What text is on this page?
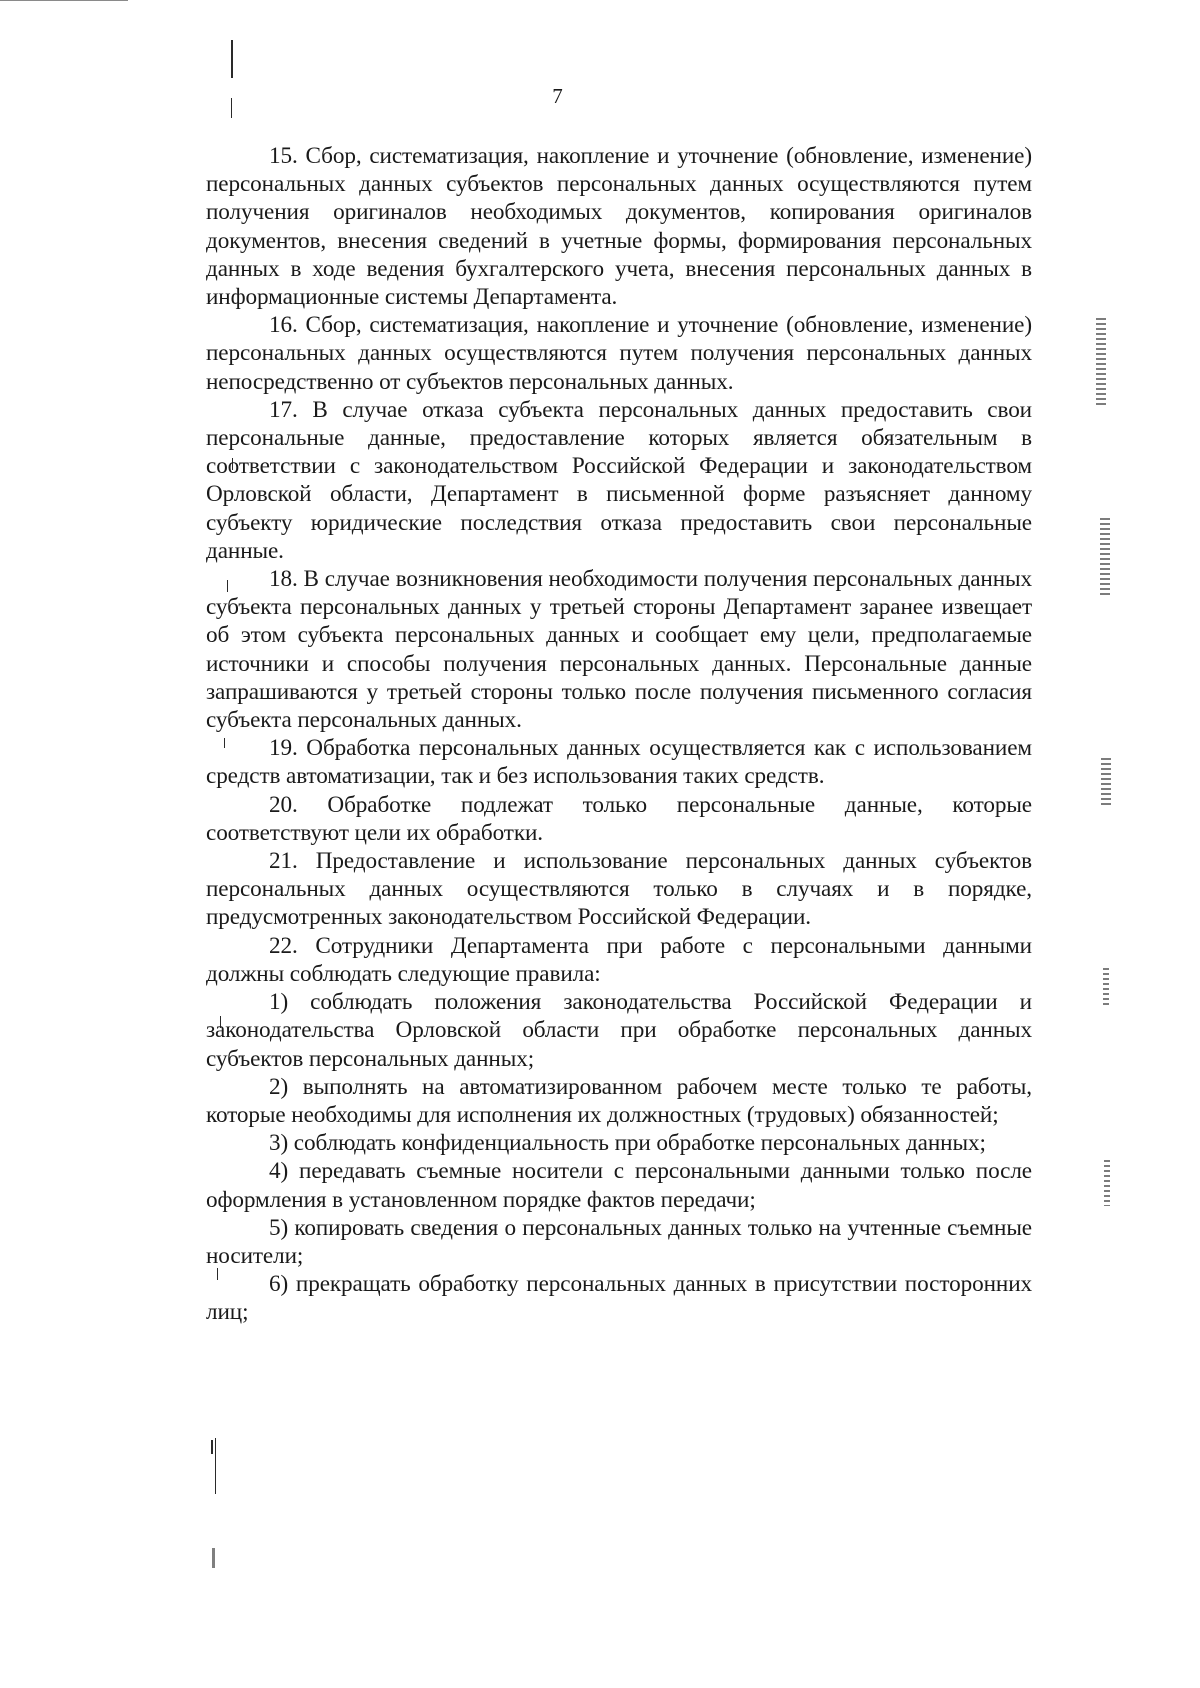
7

15. Сбор, систематизация, накопление и уточнение (обновление, изменение) персональных данных субъектов персональных данных осуществляются путем получения оригиналов необходимых документов, копирования оригиналов документов, внесения сведений в учетные формы, формирования персональных данных в ходе ведения бухгалтерского учета, внесения персональных данных в информационные системы Департамента.

16. Сбор, систематизация, накопление и уточнение (обновление, изменение) персональных данных осуществляются путем получения персональных данных непосредственно от субъектов персональных данных.

17. В случае отказа субъекта персональных данных предоставить свои персональные данные, предоставление которых является обязательным в соответствии с законодательством Российской Федерации и законодательством Орловской области, Департамент в письменной форме разъясняет данному субъекту юридические последствия отказа предоставить свои персональные данные.

18. В случае возникновения необходимости получения персональных данных субъекта персональных данных у третьей стороны Департамент заранее извещает об этом субъекта персональных данных и сообщает ему цели, предполагаемые источники и способы получения персональных данных. Персональные данные запрашиваются у третьей стороны только после получения письменного согласия субъекта персональных данных.

19. Обработка персональных данных осуществляется как с использованием средств автоматизации, так и без использования таких средств.

20. Обработке подлежат только персональные данные, которые соответствуют цели их обработки.

21. Предоставление и использование персональных данных субъектов персональных данных осуществляются только в случаях и в порядке, предусмотренных законодательством Российской Федерации.

22. Сотрудники Департамента при работе с персональными данными должны соблюдать следующие правила:

1) соблюдать положения законодательства Российской Федерации и законодательства Орловской области при обработке персональных данных субъектов персональных данных;

2) выполнять на автоматизированном рабочем месте только те работы, которые необходимы для исполнения их должностных (трудовых) обязанностей;

3) соблюдать конфиденциальность при обработке персональных данных;

4) передавать съемные носители с персональными данными только после оформления в установленном порядке фактов передачи;

5) копировать сведения о персональных данных только на учтенные съемные носители;

6) прекращать обработку персональных данных в присутствии посторонних лиц;
